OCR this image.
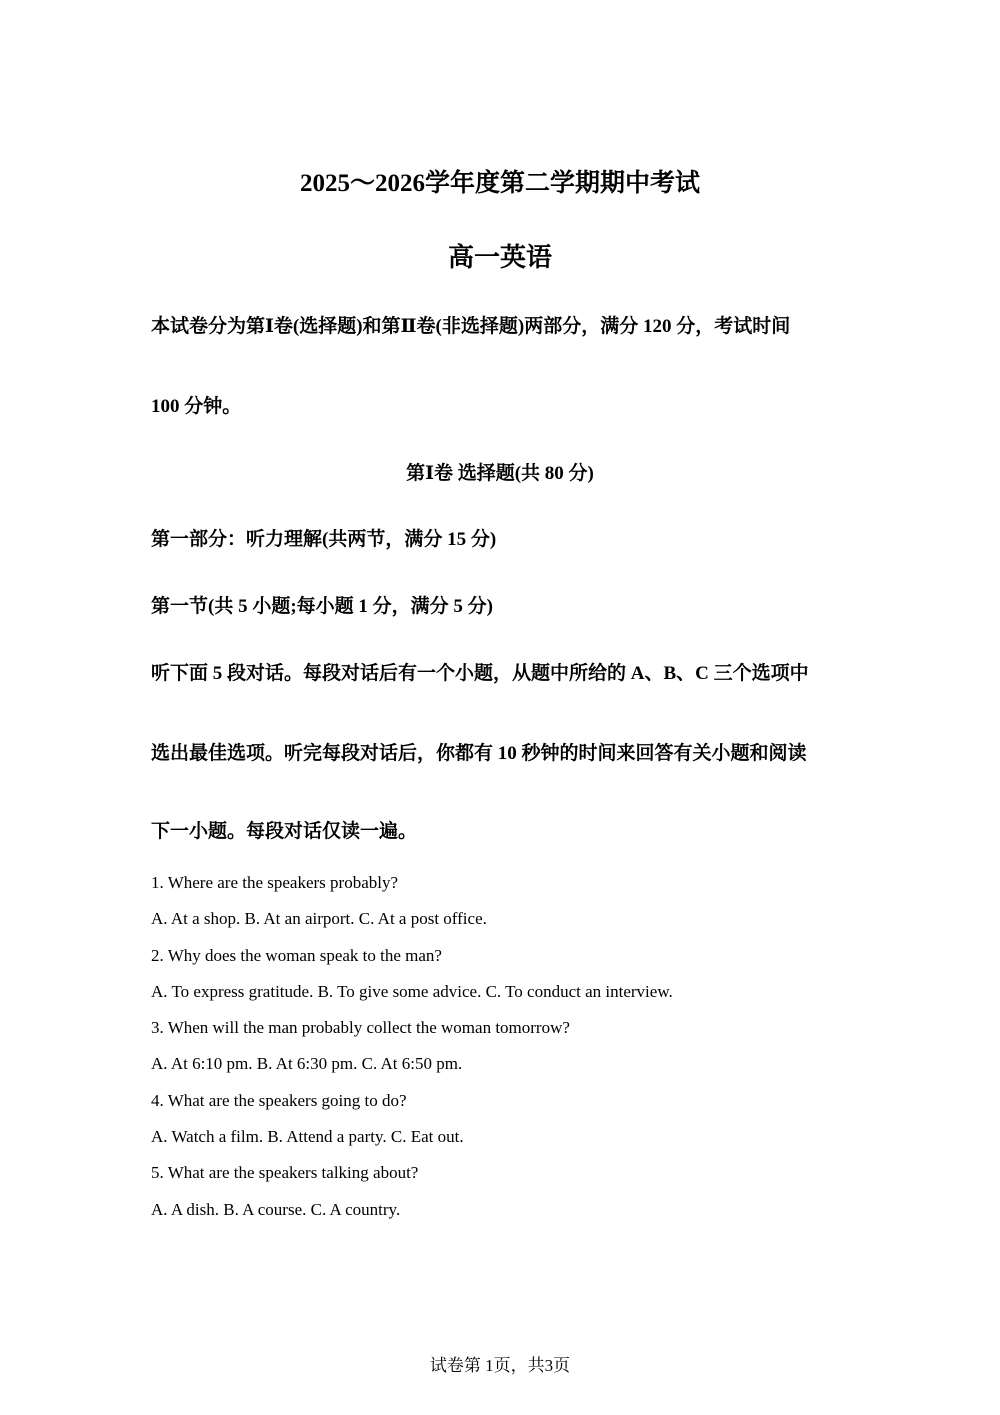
2025～2026学年度第二学期期中考试
高一英语
本试卷分为第Ⅰ卷(选择题)和第Ⅱ卷(非选择题)两部分，满分 120 分，考试时间
100 分钟。
第Ⅰ卷 选择题(共 80 分)
第一部分：听力理解(共两节，满分 15 分)
第一节(共 5 小题;每小题 1 分，满分 5 分)
听下面 5 段对话。每段对话后有一个小题，从题中所给的 A、B、C 三个选项中
选出最佳选项。听完每段对话后，你都有 10 秒钟的时间来回答有关小题和阅读
下一小题。每段对话仅读一遍。
1. Where are the speakers probably?
A. At a shop. B. At an airport. C. At a post office.
2. Why does the woman speak to the man?
A. To express gratitude. B. To give some advice. C. To conduct an interview.
3. When will the man probably collect the woman tomorrow?
A. At 6:10 pm. B. At 6:30 pm. C. At 6:50 pm.
4. What are the speakers going to do?
A. Watch a film. B. Attend a party. C. Eat out.
5. What are the speakers talking about?
A. A dish. B. A course. C. A country.
试卷第 1页，共3页
